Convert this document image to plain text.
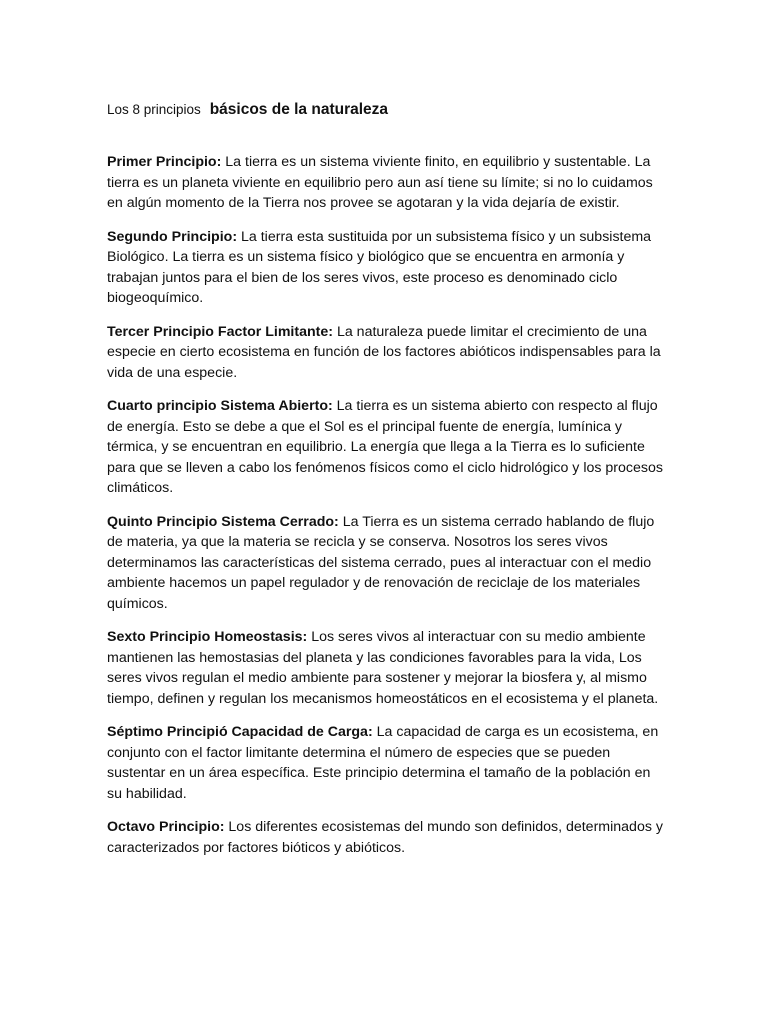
Los 8 principios básicos de la naturaleza

Primer Principio: La tierra es un sistema viviente finito, en equilibrio y sustentable. La tierra es un planeta viviente en equilibrio pero aun así tiene su límite; si no lo cuidamos en algún momento de la Tierra nos provee se agotaran y la vida dejaría de existir.

Segundo Principio: La tierra esta sustituida por un subsistema físico y un subsistema Biológico. La tierra es un sistema físico y biológico que se encuentra en armonía y trabajan juntos para el bien de los seres vivos, este proceso es denominado ciclo biogeoquímico.

Tercer Principio Factor Limitante: La naturaleza puede limitar el crecimiento de una especie en cierto ecosistema en función de los factores abióticos indispensables para la vida de una especie.

Cuarto principio Sistema Abierto: La tierra es un sistema abierto con respecto al flujo de energía. Esto se debe a que el Sol es el principal fuente de energía, lumínica y térmica, y se encuentran en equilibrio. La energía que llega a la Tierra es lo suficiente para que se lleven a cabo los fenómenos físicos como el ciclo hidrológico y los procesos climáticos.

Quinto Principio Sistema Cerrado: La Tierra es un sistema cerrado hablando de flujo de materia, ya que la materia se recicla y se conserva. Nosotros los seres vivos determinamos las características del sistema cerrado, pues al interactuar con el medio ambiente hacemos un papel regulador y de renovación de reciclaje de los materiales químicos.

Sexto Principio Homeostasis: Los seres vivos al interactuar con su medio ambiente mantienen las hemostasias del planeta y las condiciones favorables para la vida, Los seres vivos regulan el medio ambiente para sostener y mejorar la biosfera y, al mismo tiempo, definen y regulan los mecanismos homeostáticos en el ecosistema y el planeta.

Séptimo Principió Capacidad de Carga: La capacidad de carga es un ecosistema, en conjunto con el factor limitante determina el número de especies que se pueden sustentar en un área específica. Este principio determina el tamaño de la población en su habilidad.

Octavo Principio: Los diferentes ecosistemas del mundo son definidos, determinados y caracterizados por factores bióticos y abióticos.
